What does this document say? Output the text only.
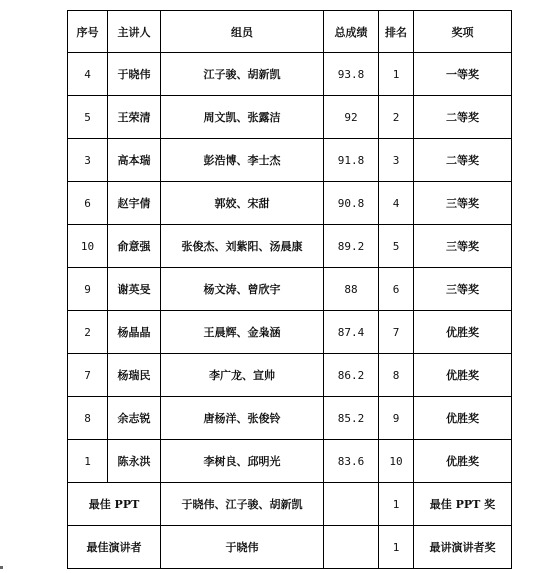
序号	主讲人	组员	总成绩	排名	奖项
4	于晓伟	江子骏、胡新凯	93.8	1	一等奖
5	王荣清	周文凯、张露洁	92	2	二等奖
3	高本瑞	彭浩博、李士杰	91.8	3	二等奖
6	赵宇倩	郭姣、宋甜	90.8	4	三等奖
10	俞意强	张俊杰、刘紫阳、汤晨康	89.2	5	三等奖
9	谢英旻	杨文涛、曾欣宇	88	6	三等奖
2	杨晶晶	王晨辉、金枭涵	87.4	7	优胜奖
7	杨瑞民	李广龙、宣帅	86.2	8	优胜奖
8	余志锐	唐杨洋、张俊铃	85.2	9	优胜奖
1	陈永洪	李树良、邱明光	83.6	10	优胜奖
最佳 PPT		于晓伟、江子骏、胡新凯		1	最佳 PPT 奖
最佳演讲者		于晓伟		1	最讲演讲者奖
